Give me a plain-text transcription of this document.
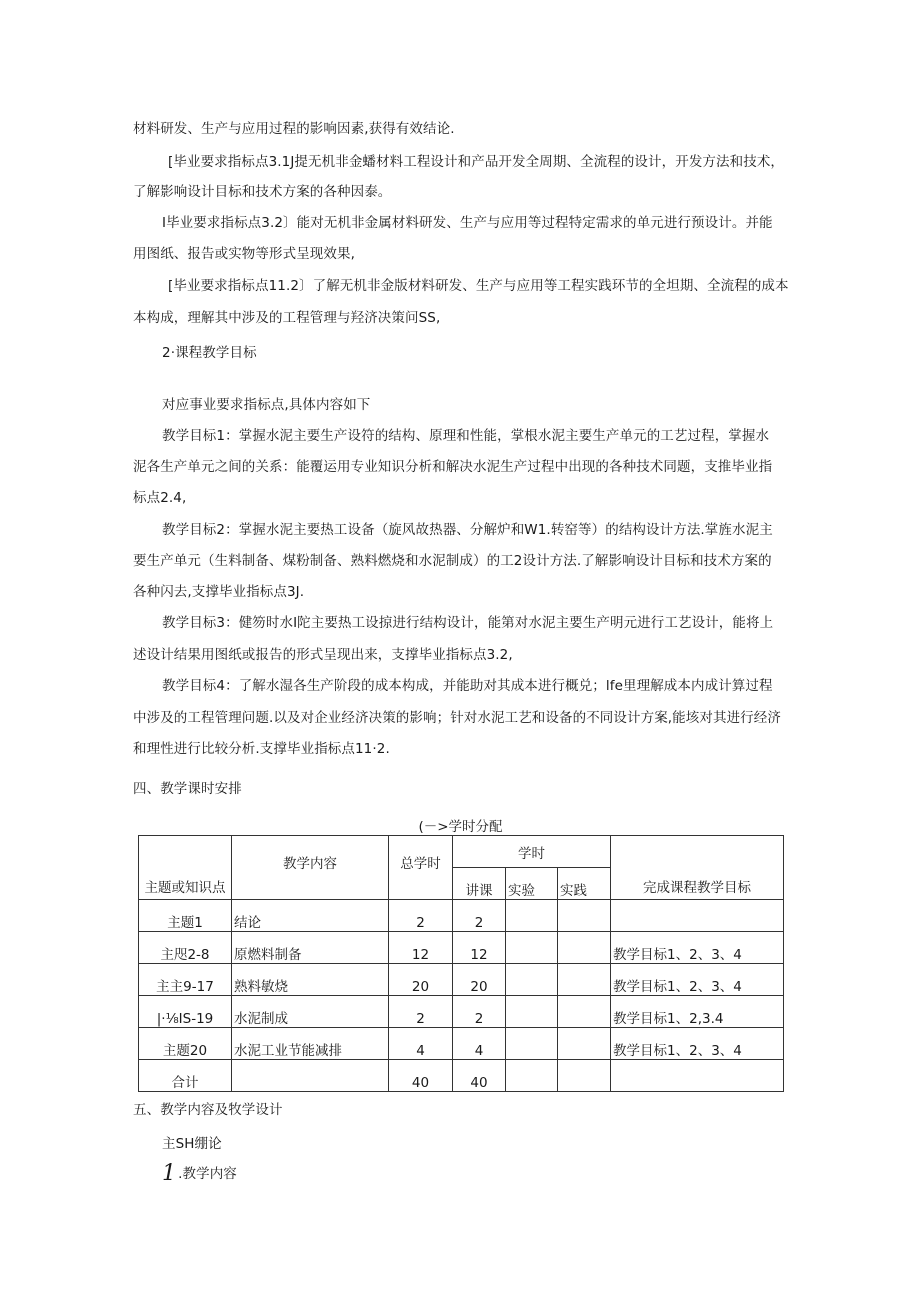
材料研发、生产与应用过程的影响因素,获得有效结论.
[毕业要求指标点3.1J提无机非金蟠材料工程设计和产品开发全周期、全流程的设计，开发方法和技术，
了解影响设计目标和技术方案的各种因泰。
I毕业要求指标点3.2〕能对无机非金属材料研发、生产与应用等过程特定需求的单元进行预设计。并能
用图纸、报告或实物等形式呈现效果,
[毕业要求指标点11.2〕了解无机非金版材料研发、生产与应用等工程实践环节的全坦期、全流程的成本
本构成，理解其中涉及的工程管理与羟济决策问SS,
2·课程教学目标
对应事业要求指标点,具体内容如下
教学目标1：掌握水泥主要生产设符的结构、原理和性能，掌根水泥主要生产单元的工艺过程，掌握水
泥各生产单元之间的关系：能覆运用专业知识分析和解决水泥生产过程中出现的各种技术同题，支推毕业指
标点2.4,
教学目标2：掌握水泥主要热工设备（旋风故热器、分解炉和W1.转窑等）的结构设计方法.掌旌水泥主
要生产单元（生料制备、煤粉制备、熟料燃烧和水泥制成）的工2设计方法.了解影响设计目标和技术方案的
各种闪去,支撑毕业指标点3J.
教学目标3：健笏时水I陀主要热工设掠进行结构设计，能第对水泥主要生产明元进行工艺设计，能将上
述设计结果用图纸或报告的形式呈现出来，支撑毕业指标点3.2,
教学目标4：了解水湿各生产阶段的成本构成，并能助对其成本进行概兑；lfe里理解成本内成计算过程
中涉及的工程管理问题.以及对企业经济决策的影响；针对水泥工艺和设备的不同设计方案,能垓对其进行经济
和理性进行比较分析.支撑毕业指标点11·2.
四、教学课时安排
(－>学时分配
主题或知识点	教学内容	总学时	学时			完成课程教学目标
			讲课	实验	实践	
主题1	结论	2	2			
主咫2-8	原燃料制备	12	12			教学目标1、2、3、4
主主9-17	熟料敏烧	20	20			教学目标1、2、3、4
|·⅛IS-19	水泥制成	2	2			教学目标1、2,3.4
主题20	水泥工业节能减排	4	4			教学目标1、2、3、4
合计		40	40			
五、教学内容及牧学设计
主SH绷论
1 .教学内容
